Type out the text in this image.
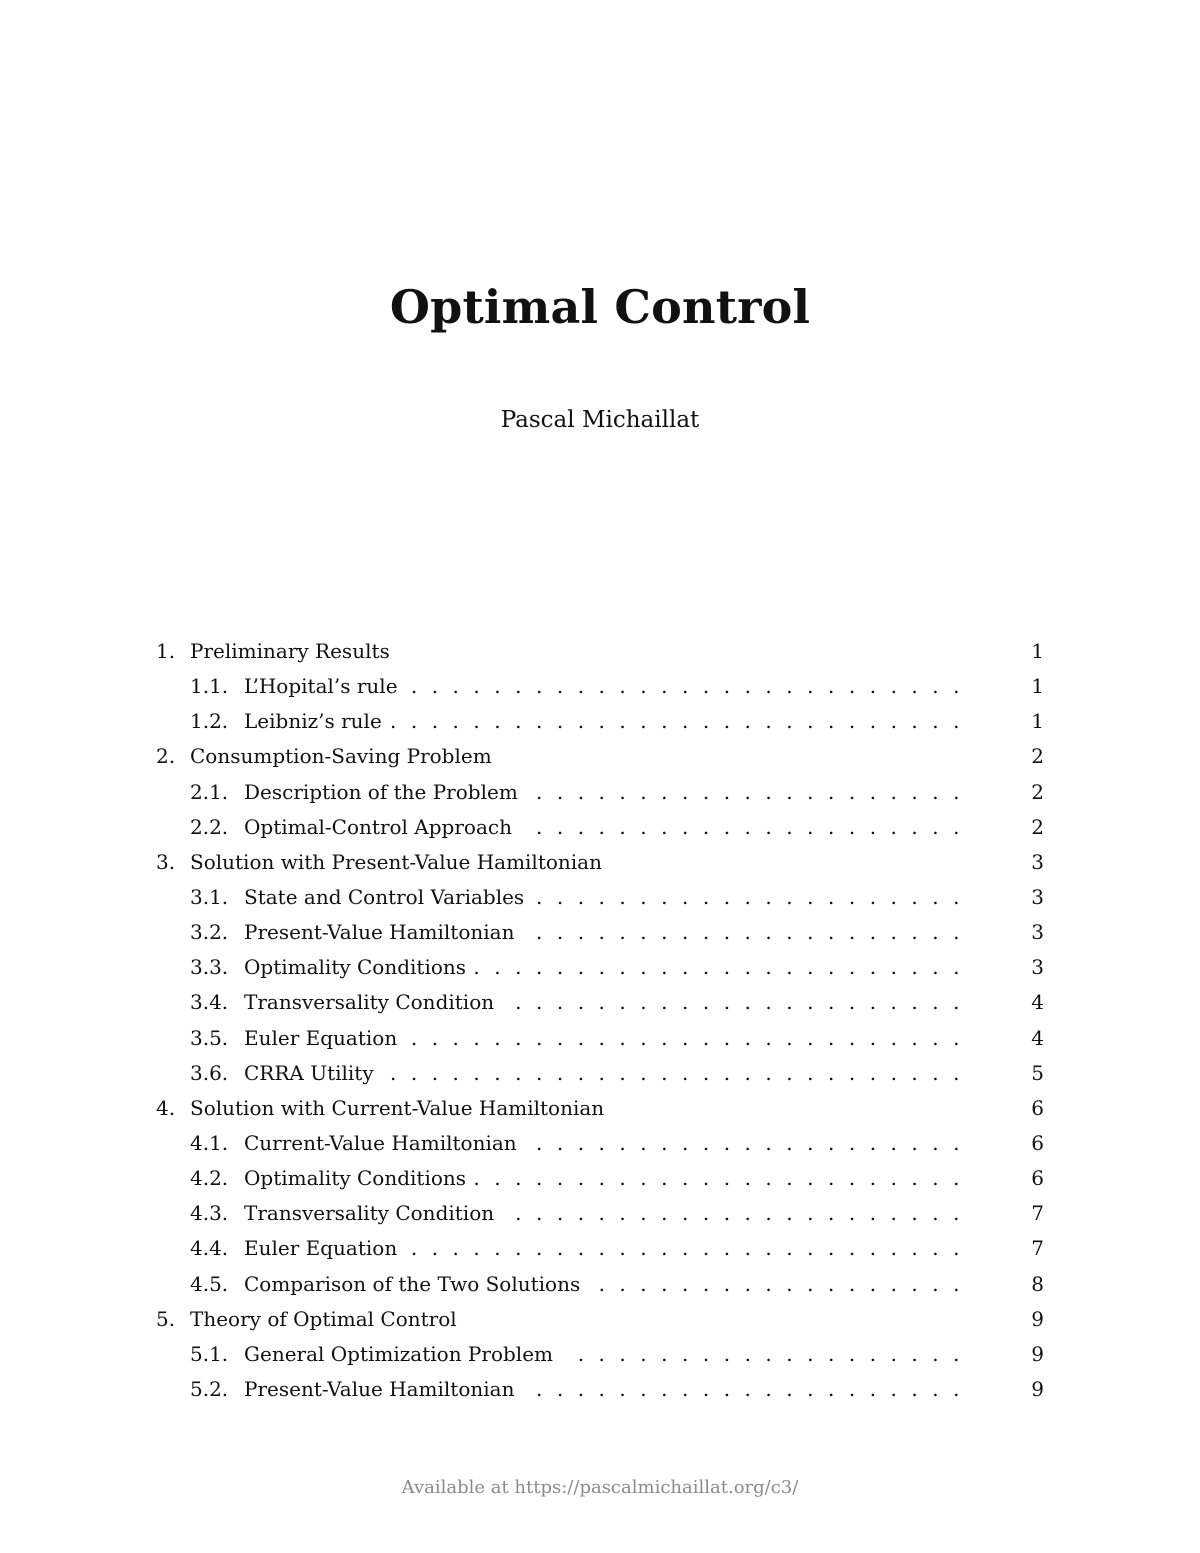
Optimal Control
Pascal Michaillat
1. Preliminary Results	1
1.1. L’Hopital’s rule ...........................	1
1.2. Leibniz’s rule ............................	1
2. Consumption-Saving Problem	2
2.1. Description of the Problem .....................	2
2.2. Optimal-Control Approach .....................	2
3. Solution with Present-Value Hamiltonian	3
3.1. State and Control Variables .....................	3
3.2. Present-Value Hamiltonian .....................	3
3.3. Optimality Conditions ........................	3
3.4. Transversality Condition ......................	4
3.5. Euler Equation ...........................	4
3.6. CRRA Utility ............................	5
4. Solution with Current-Value Hamiltonian	6
4.1. Current-Value Hamiltonian .....................	6
4.2. Optimality Conditions ........................	6
4.3. Transversality Condition ......................	7
4.4. Euler Equation ...........................	7
4.5. Comparison of the Two Solutions ..................	8
5. Theory of Optimal Control	9
5.1. General Optimization Problem ...................	9
5.2. Present-Value Hamiltonian .....................	9
Available at https://pascalmichaillat.org/c3/
